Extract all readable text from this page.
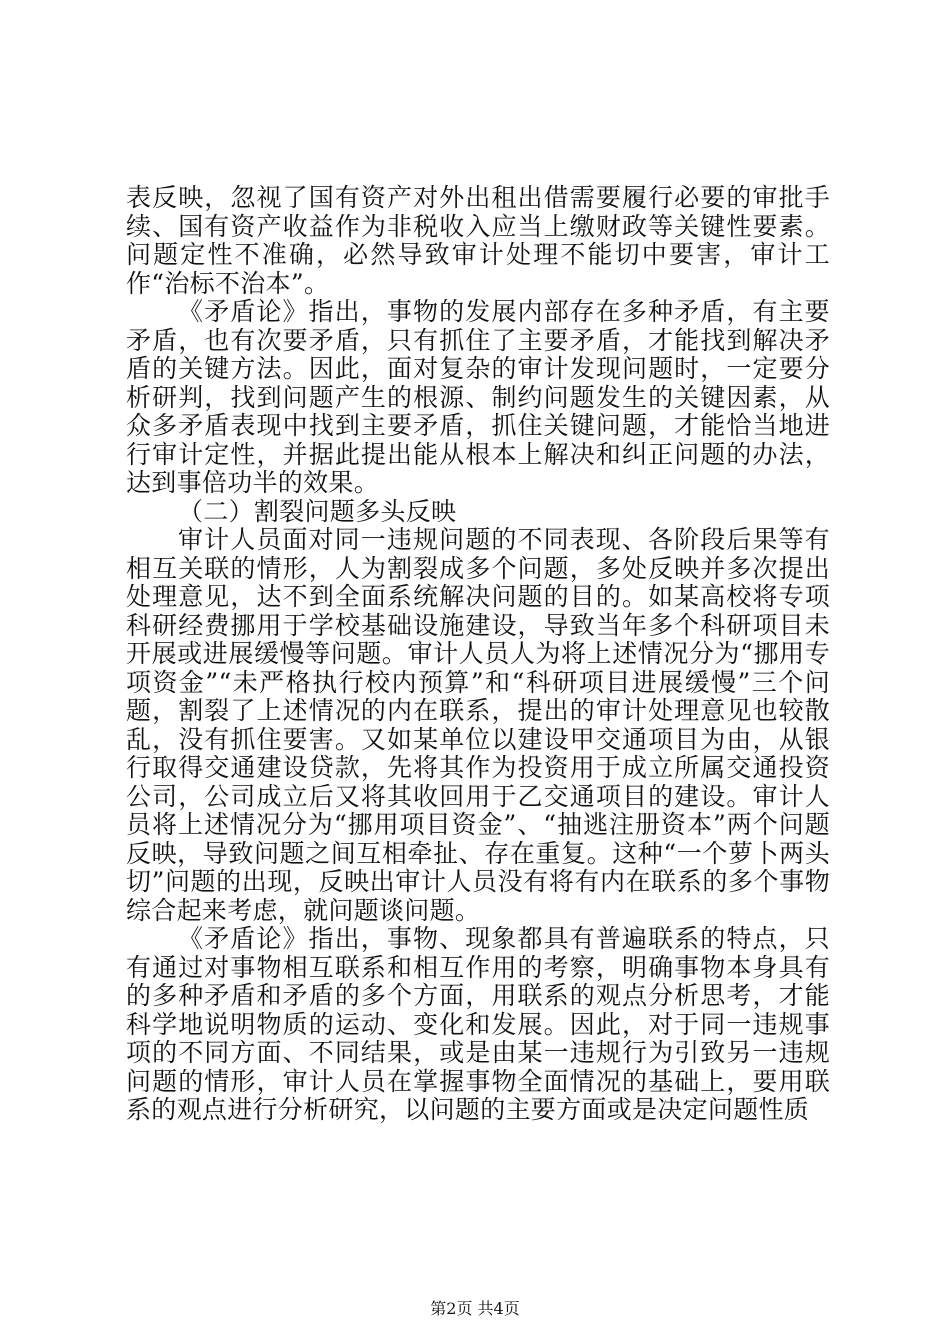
表反映，忽视了国有资产对外出租出借需要履行必要的审批手续、国有资产收益作为非税收入应当上缴财政等关键性要素。问题定性不准确，必然导致审计处理不能切中要害，审计工作“治标不治本”。

《矛盾论》指出，事物的发展内部存在多种矛盾，有主要矛盾，也有次要矛盾，只有抓住了主要矛盾，才能找到解决矛盾的关键方法。因此，面对复杂的审计发现问题时，一定要分析研判，找到问题产生的根源、制约问题发生的关键因素，从众多矛盾表现中找到主要矛盾，抓住关键问题，才能恰当地进行审计定性，并据此提出能从根本上解决和纠正问题的办法，达到事倍功半的效果。

（二）割裂问题多头反映

审计人员面对同一违规问题的不同表现、各阶段后果等有相互关联的情形，人为割裂成多个问题，多处反映并多次提出处理意见，达不到全面系统解决问题的目的。如某高校将专项科研经费挪用于学校基础设施建设，导致当年多个科研项目未开展或进展缓慢等问题。审计人员人为将上述情况分为“挪用专项资金”“未严格执行校内预算”和“科研项目进展缓慢”三个问题，割裂了上述情况的内在联系，提出的审计处理意见也较散乱，没有抓住要害。又如某单位以建设甲交通项目为由，从银行取得交通建设贷款，先将其作为投资用于成立所属交通投资公司，公司成立后又将其收回用于乙交通项目的建设。审计人员将上述情况分为“挪用项目资金”、“抽逃注册资本”两个问题反映，导致问题之间互相牵扯、存在重复。这种“一个萝卜两头切”问题的出现，反映出审计人员没有将有内在联系的多个事物综合起来考虑，就问题谈问题。

《矛盾论》指出，事物、现象都具有普遍联系的特点，只有通过对事物相互联系和相互作用的考察，明确事物本身具有的多种矛盾和矛盾的多个方面，用联系的观点分析思考，才能科学地说明物质的运动、变化和发展。因此，对于同一违规事项的不同方面、不同结果，或是由某一违规行为引致另一违规问题的情形，审计人员在掌握事物全面情况的基础上，要用联系的观点进行分析研究，以问题的主要方面或是决定问题性质

第2页 共4页
